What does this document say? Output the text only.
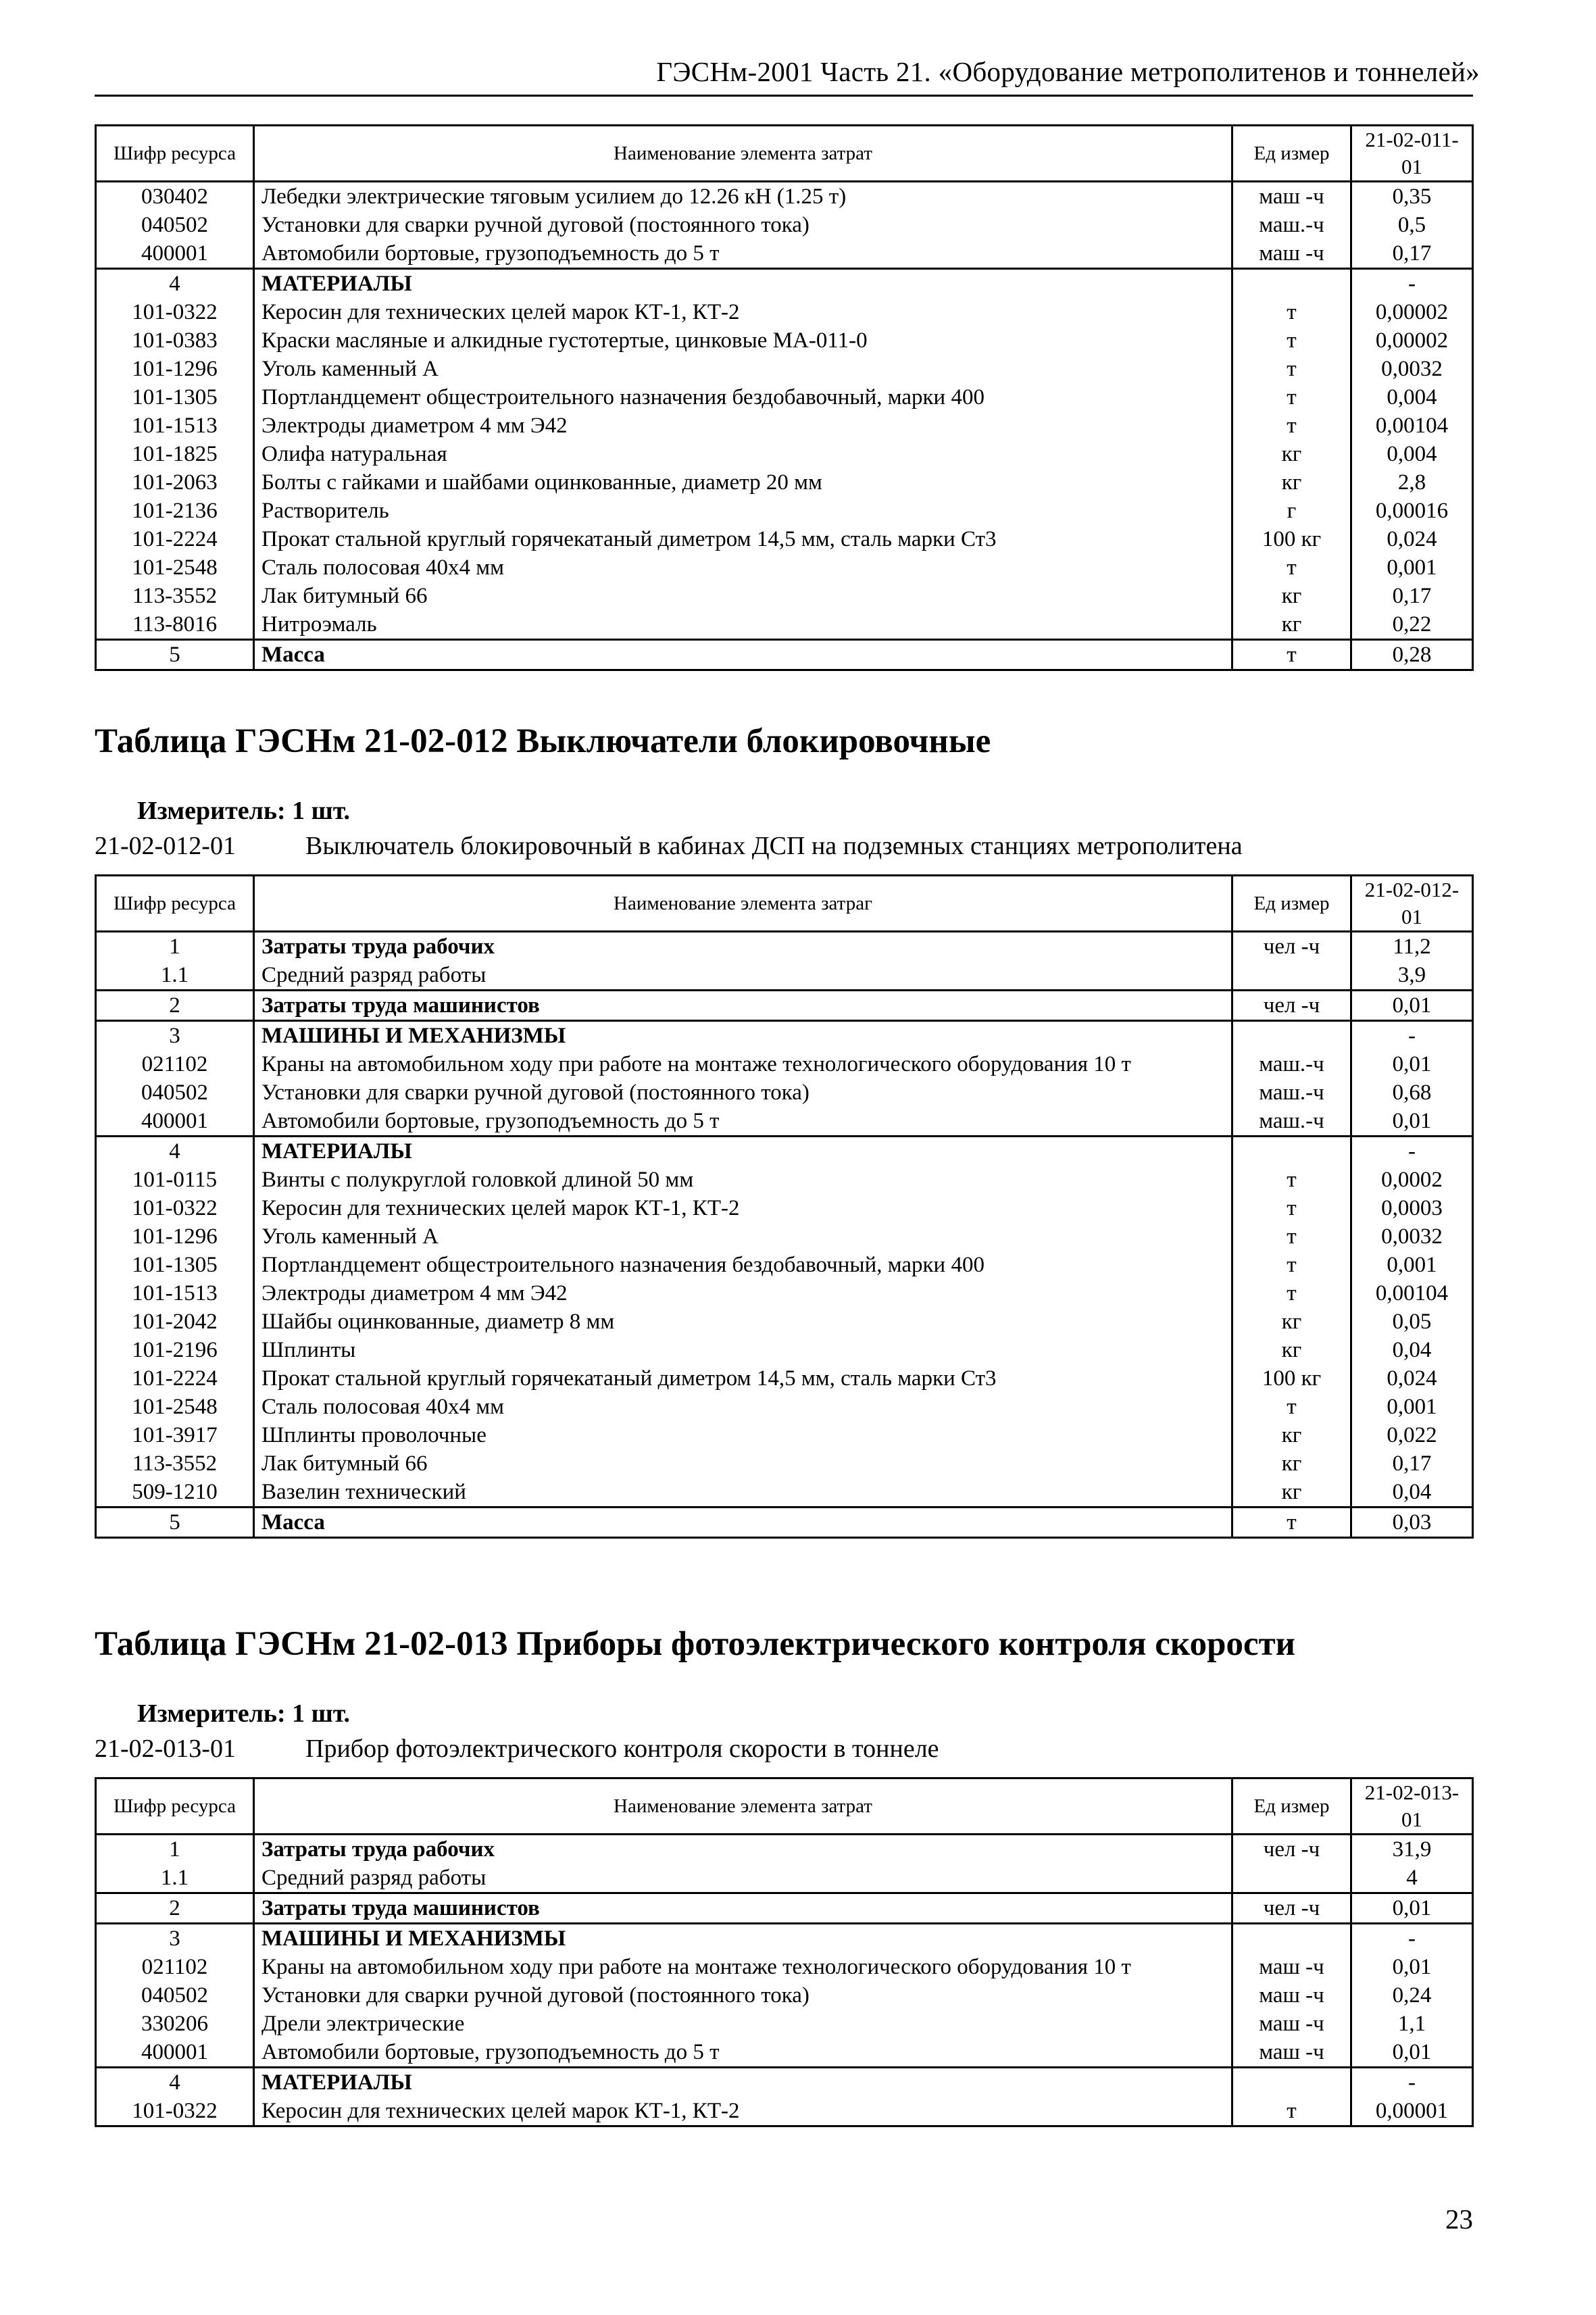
ГЭСНм-2001 Часть 21. «Оборудование метрополитенов и тоннелей»
Шифр ресурса	Наименование элемента затрат	Ед измер	21-02-011-01
030402	Лебедки электрические тяговым усилием до 12.26 кН (1.25 т)	маш -ч	0,35
040502	Установки для сварки ручной дуговой (постоянного тока)	маш.-ч	0,5
400001	Автомобили бортовые, грузоподъемность до 5 т	маш -ч	0,17
4	МАТЕРИАЛЫ		-
101-0322	Керосин для технических целей марок КТ-1, КТ-2	т	0,00002
101-0383	Краски масляные и алкидные густотертые, цинковые МА-011-0	т	0,00002
101-1296	Уголь каменный А	т	0,0032
101-1305	Портландцемент общестроительного назначения бездобавочный, марки 400	т	0,004
101-1513	Электроды диаметром 4 мм Э42	т	0,00104
101-1825	Олифа натуральная	кг	0,004
101-2063	Болты с гайками и шайбами оцинкованные, диаметр 20 мм	кг	2,8
101-2136	Растворитель	г	0,00016
101-2224	Прокат стальной круглый горячекатаный диметром 14,5 мм, сталь марки Ст3	100 кг	0,024
101-2548	Сталь полосовая 40х4 мм	т	0,001
113-3552	Лак битумный 66	кг	0,17
113-8016	Нитроэмаль	кг	0,22
5	Масса	т	0,28
Таблица ГЭСНм 21-02-012 Выключатели блокировочные
Измеритель: 1 шт.
21-02-012-01	Выключатель блокировочный в кабинах ДСП на подземных станциях метрополитена
Шифр ресурса	Наименование элемента затраг	Ед измер	21-02-012-01
1	Затраты труда рабочих	чел -ч	11,2
1.1	Средний разряд работы		3,9
2	Затраты труда машинистов	чел -ч	0,01
3	МАШИНЫ И МЕХАНИЗМЫ		-
021102	Краны на автомобильном ходу при работе на монтаже технологического оборудования 10 т	маш.-ч	0,01
040502	Установки для сварки ручной дуговой (постоянного тока)	маш.-ч	0,68
400001	Автомобили бортовые, грузоподъемность до 5 т	маш.-ч	0,01
4	МАТЕРИАЛЫ		-
101-0115	Винты с полукруглой головкой длиной 50 мм	т	0,0002
101-0322	Керосин для технических целей марок КТ-1, КТ-2	т	0,0003
101-1296	Уголь каменный А	т	0,0032
101-1305	Портландцемент общестроительного назначения бездобавочный, марки 400	т	0,001
101-1513	Электроды диаметром 4 мм Э42	т	0,00104
101-2042	Шайбы оцинкованные, диаметр 8 мм	кг	0,05
101-2196	Шплинты	кг	0,04
101-2224	Прокат стальной круглый горячекатаный диметром 14,5 мм, сталь марки Ст3	100 кг	0,024
101-2548	Сталь полосовая 40х4 мм	т	0,001
101-3917	Шплинты проволочные	кг	0,022
113-3552	Лак битумный 66	кг	0,17
509-1210	Вазелин технический	кг	0,04
5	Масса	т	0,03
Таблица ГЭСНм 21-02-013 Приборы фотоэлектрического контроля скорости
Измеритель: 1 шт.
21-02-013-01	Прибор фотоэлектрического контроля скорости в тоннеле
Шифр ресурса	Наименование элемента затрат	Ед измер	21-02-013-01
1	Затраты труда рабочих	чел -ч	31,9
1.1	Средний разряд работы		4
2	Затраты труда машинистов	чел -ч	0,01
3	МАШИНЫ И МЕХАНИЗМЫ		-
021102	Краны на автомобильном ходу при работе на монтаже технологического оборудования 10 т	маш -ч	0,01
040502	Установки для сварки ручной дуговой (постоянного тока)	маш -ч	0,24
330206	Дрели электрические	маш -ч	1,1
400001	Автомобили бортовые, грузоподъемность до 5 т	маш -ч	0,01
4	МАТЕРИАЛЫ		-
101-0322	Керосин для технических целей марок КТ-1, КТ-2	т	0,00001
23
